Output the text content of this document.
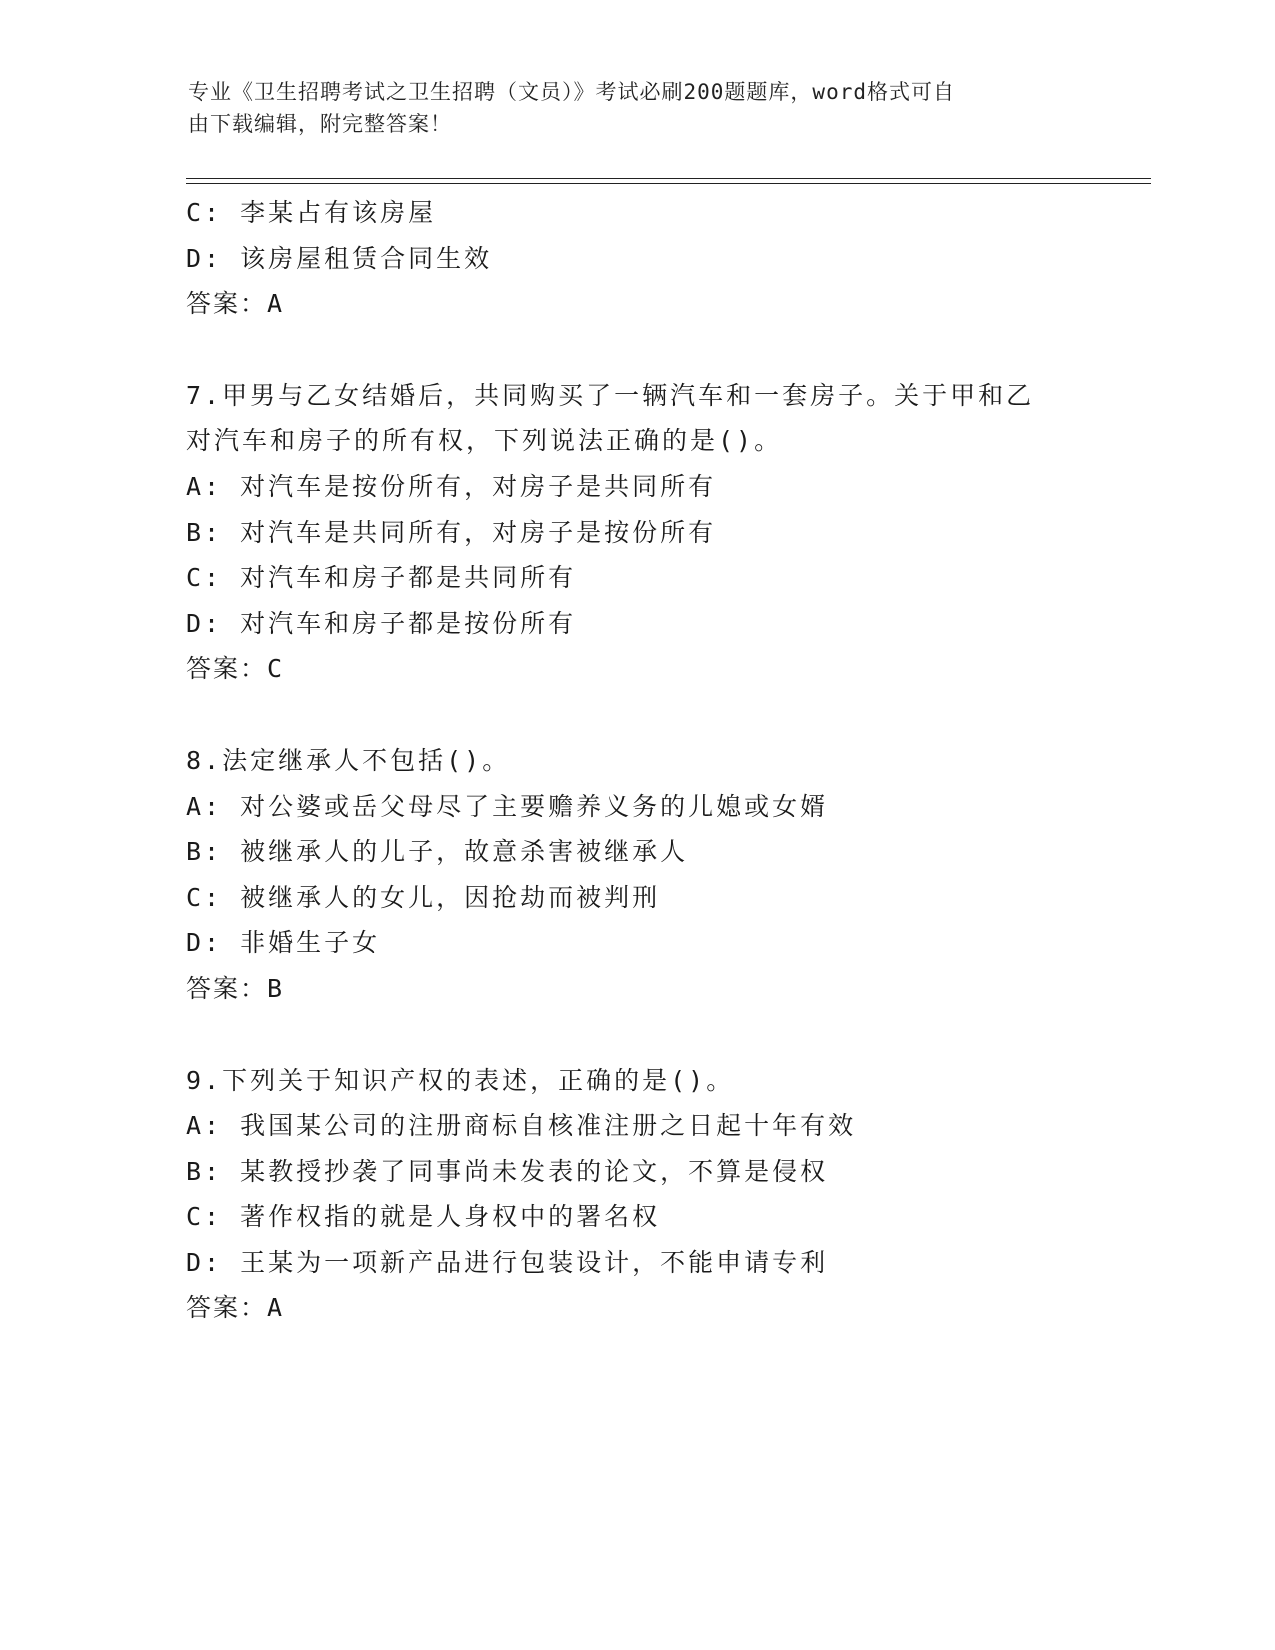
专业《卫生招聘考试之卫生招聘（文员）》考试必刷200题题库，word格式可自
由下载编辑，附完整答案！
C: 李某占有该房屋
D: 该房屋租赁合同生效
答案：A
7.甲男与乙女结婚后，共同购买了一辆汽车和一套房子。关于甲和乙
对汽车和房子的所有权，下列说法正确的是()。
A: 对汽车是按份所有，对房子是共同所有
B: 对汽车是共同所有，对房子是按份所有
C: 对汽车和房子都是共同所有
D: 对汽车和房子都是按份所有
答案：C
8.法定继承人不包括()。
A: 对公婆或岳父母尽了主要赡养义务的儿媳或女婿
B: 被继承人的儿子，故意杀害被继承人
C: 被继承人的女儿，因抢劫而被判刑
D: 非婚生子女
答案：B
9.下列关于知识产权的表述，正确的是()。
A: 我国某公司的注册商标自核准注册之日起十年有效
B: 某教授抄袭了同事尚未发表的论文，不算是侵权
C: 著作权指的就是人身权中的署名权
D: 王某为一项新产品进行包装设计，不能申请专利
答案：A
